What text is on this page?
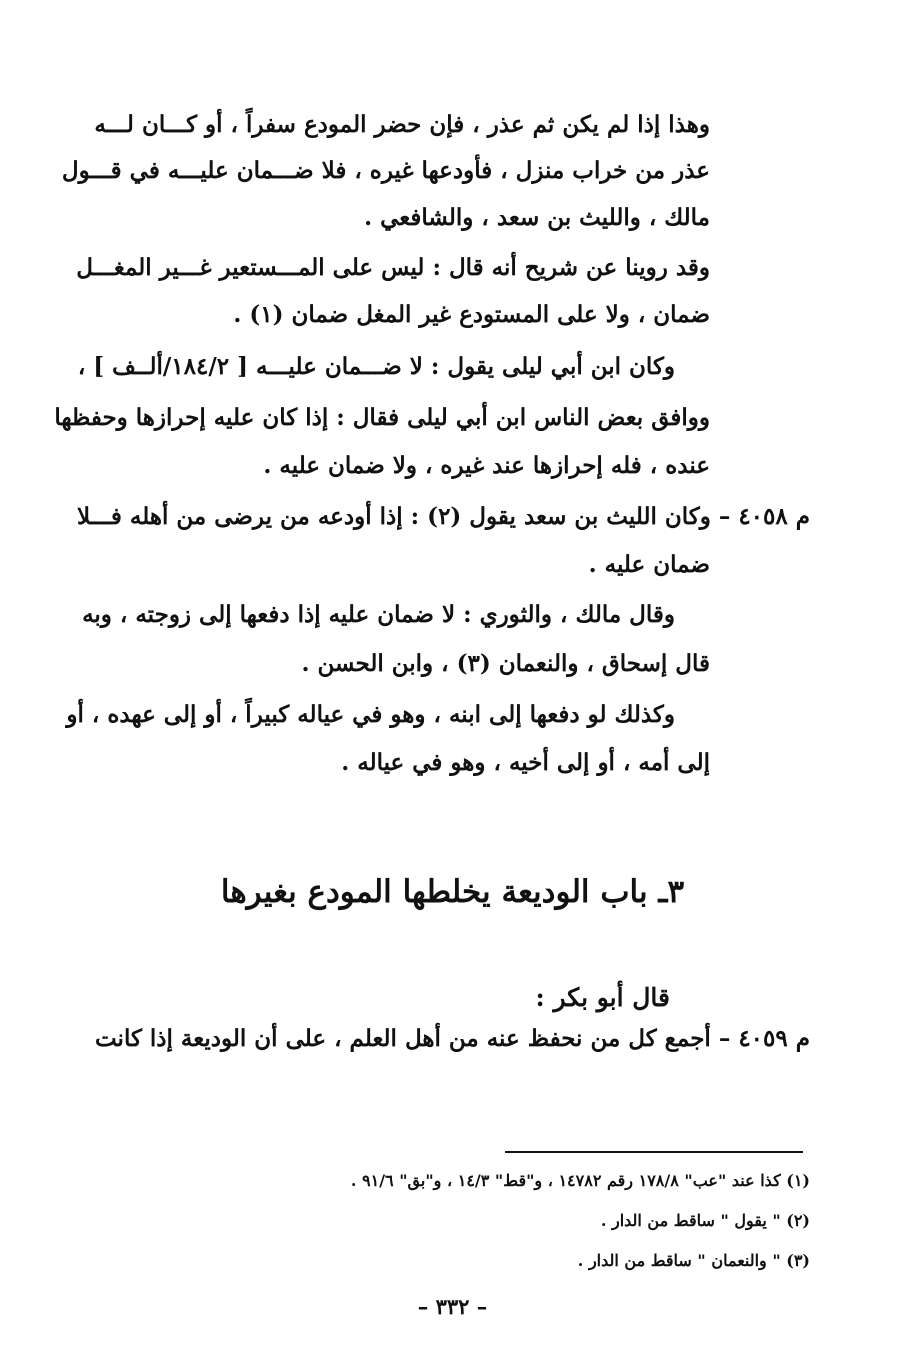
وهذا إذا لم يكن ثم عذر ، فإن حضر المودع سفراً ، أو كـــان لـــه
عذر من خراب منزل ، فأودعها غيره ، فلا ضـــمان عليـــه في قـــول
مالك ، والليث بن سعد ، والشافعي .
وقد روينا عن شريح أنه قال : ليس على المـــستعير غـــير المغـــل
ضمان ، ولا على المستودع غير المغل ضمان (١) .
وكان ابن أبي ليلى يقول : لا ضـــمان عليـــه [ ١٨٤/٢/ألــف ] ،
ووافق بعض الناس ابن أبي ليلى فقال : إذا كان عليه إحرازها وحفظها
عنده ، فله إحرازها عند غيره ، ولا ضمان عليه .
م ٤٠٥٨ – وكان الليث بن سعد يقول (٢) : إذا أودعه من يرضى من أهله فـــلا
ضمان عليه .
وقال مالك ، والثوري : لا ضمان عليه إذا دفعها إلى زوجته ، وبه
قال إسحاق ، والنعمان (٣) ، وابن الحسن .
وكذلك لو دفعها إلى ابنه ، وهو في عياله كبيراً ، أو إلى عهده ، أو
إلى أمه ، أو إلى أخيه ، وهو في عياله .
٣ـ باب الوديعة يخلطها المودع بغيرها
قال أبو بكر :
م ٤٠٥٩ – أجمع كل من نحفظ عنه من أهل العلم ، على أن الوديعة إذا كانت
(١) كذا عند "عب" ١٧٨/٨ رقم ١٤٧٨٢ ، و"قط" ١٤/٣ ، و"بق" ٩١/٦ .
(٢) " يقول " ساقط من الدار .
(٣) " والنعمان " ساقط من الدار .
– ٣٣٢ –
